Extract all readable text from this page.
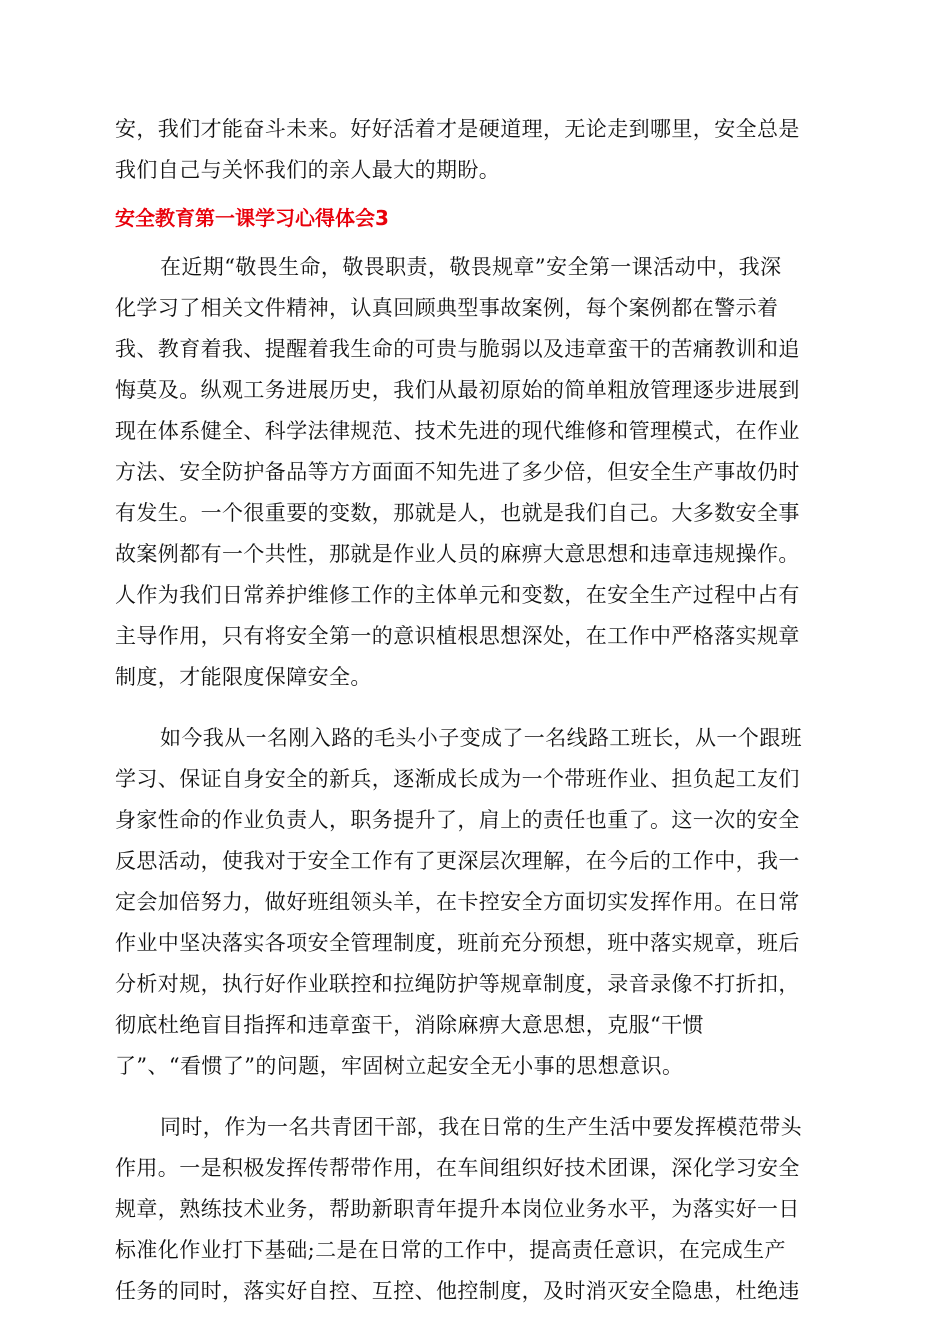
安，我们才能奋斗未来。好好活着才是硬道理，无论走到哪里，安全总是

我们自己与关怀我们的亲人最大的期盼。

安全教育第一课学习心得体会3

在近期“敬畏生命，敬畏职责，敬畏规章”安全第一课活动中，我深

化学习了相关文件精神，认真回顾典型事故案例，每个案例都在警示着

我、教育着我、提醒着我生命的可贵与脆弱以及违章蛮干的苦痛教训和追

悔莫及。纵观工务进展历史，我们从最初原始的简单粗放管理逐步进展到

现在体系健全、科学法律规范、技术先进的现代维修和管理模式，在作业

方法、安全防护备品等方方面面不知先进了多少倍，但安全生产事故仍时

有发生。一个很重要的变数，那就是人，也就是我们自己。大多数安全事

故案例都有一个共性，那就是作业人员的麻痹大意思想和违章违规操作。

人作为我们日常养护维修工作的主体单元和变数，在安全生产过程中占有

主导作用，只有将安全第一的意识植根思想深处，在工作中严格落实规章

制度，才能限度保障安全。

如今我从一名刚入路的毛头小子变成了一名线路工班长，从一个跟班

学习、保证自身安全的新兵，逐渐成长成为一个带班作业、担负起工友们

身家性命的作业负责人，职务提升了，肩上的责任也重了。这一次的安全

反思活动，使我对于安全工作有了更深层次理解，在今后的工作中，我一

定会加倍努力，做好班组领头羊，在卡控安全方面切实发挥作用。在日常

作业中坚决落实各项安全管理制度，班前充分预想，班中落实规章，班后

分析对规，执行好作业联控和拉绳防护等规章制度，录音录像不打折扣，

彻底杜绝盲目指挥和违章蛮干，消除麻痹大意思想，克服“干惯

了”、“看惯了”的问题，牢固树立起安全无小事的思想意识。

同时，作为一名共青团干部，我在日常的生产生活中要发挥模范带头

作用。一是积极发挥传帮带作用，在车间组织好技术团课，深化学习安全

规章，熟练技术业务，帮助新职青年提升本岗位业务水平，为落实好一日

标准化作业打下基础;二是在日常的工作中，提高责任意识，在完成生产

任务的同时，落实好自控、互控、他控制度，及时消灭安全隐患，杜绝违
